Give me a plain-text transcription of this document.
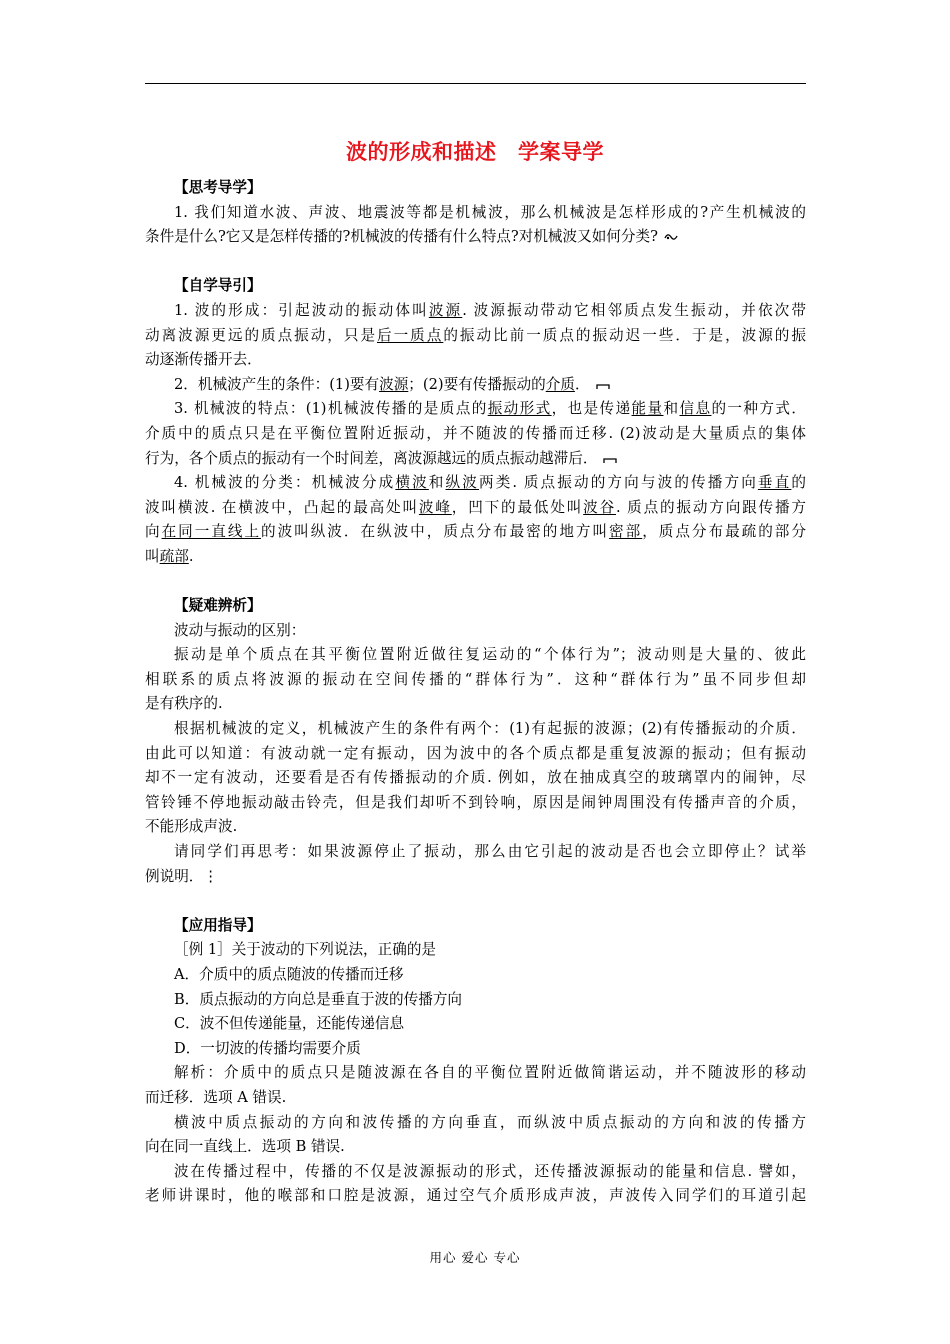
波的形成和描述　学案导学
【思考导学】
1. 我们知道水波、声波、地震波等都是机械波，那么机械波是怎样形成的?产生机械波的
条件是什么?它又是怎样传播的?机械波的传播有什么特点?对机械波又如何分类?
【自学导引】
1. 波的形成：引起波动的振动体叫波源. 波源振动带动它相邻质点发生振动，并依次带
动离波源更远的质点振动，只是后一质点的振动比前一质点的振动迟一些．于是，波源的振
动逐渐传播开去．
2．机械波产生的条件：(1)要有波源；(2)要有传播振动的介质．
3. 机械波的特点：(1)机械波传播的是质点的振动形式，也是传递能量和信息的一种方式．
介质中的质点只是在平衡位置附近振动，并不随波的传播而迁移. (2)波动是大量质点的集体
行为，各个质点的振动有一个时间差，离波源越远的质点振动越滞后．
4. 机械波的分类：机械波分成横波和纵波两类. 质点振动的方向与波的传播方向垂直的
波叫横波. 在横波中，凸起的最高处叫波峰，凹下的最低处叫波谷. 质点的振动方向跟传播方
向在同一直线上的波叫纵波．在纵波中，质点分布最密的地方叫密部，质点分布最疏的部分
叫疏部.
【疑难辨析】
波动与振动的区别：
振动是单个质点在其平衡位置附近做往复运动的“个体行为”；波动则是大量的、彼此
相联系的质点将波源的振动在空间传播的“群体行为”．这种“群体行为”虽不同步但却
是有秩序的.
根据机械波的定义，机械波产生的条件有两个：(1)有起振的波源；(2)有传播振动的介质．
由此可以知道：有波动就一定有振动，因为波中的各个质点都是重复波源的振动；但有振动
却不一定有波动，还要看是否有传播振动的介质. 例如，放在抽成真空的玻璃罩内的闹钟，尽
管铃锤不停地振动敲击铃壳，但是我们却听不到铃响，原因是闹钟周围没有传播声音的介质，
不能形成声波.
请同学们再思考：如果波源停止了振动，那么由它引起的波动是否也会立即停止？试举
例说明．⋮
【应用指导】
［例 1］关于波动的下列说法，正确的是
A．介质中的质点随波的传播而迁移
B．质点振动的方向总是垂直于波的传播方向
C．波不但传递能量，还能传递信息
D．一切波的传播均需要介质
解析：介质中的质点只是随波源在各自的平衡位置附近做简谐运动，并不随波形的移动
而迁移．选项 A 错误.
横波中质点振动的方向和波传播的方向垂直，而纵波中质点振动的方向和波的传播方
向在同一直线上．选项 B 错误.
波在传播过程中，传播的不仅是波源振动的形式，还传播波源振动的能量和信息. 譬如，
老师讲课时，他的喉部和口腔是波源，通过空气介质形成声波，声波传入同学们的耳道引起
用心 爱心 专心
